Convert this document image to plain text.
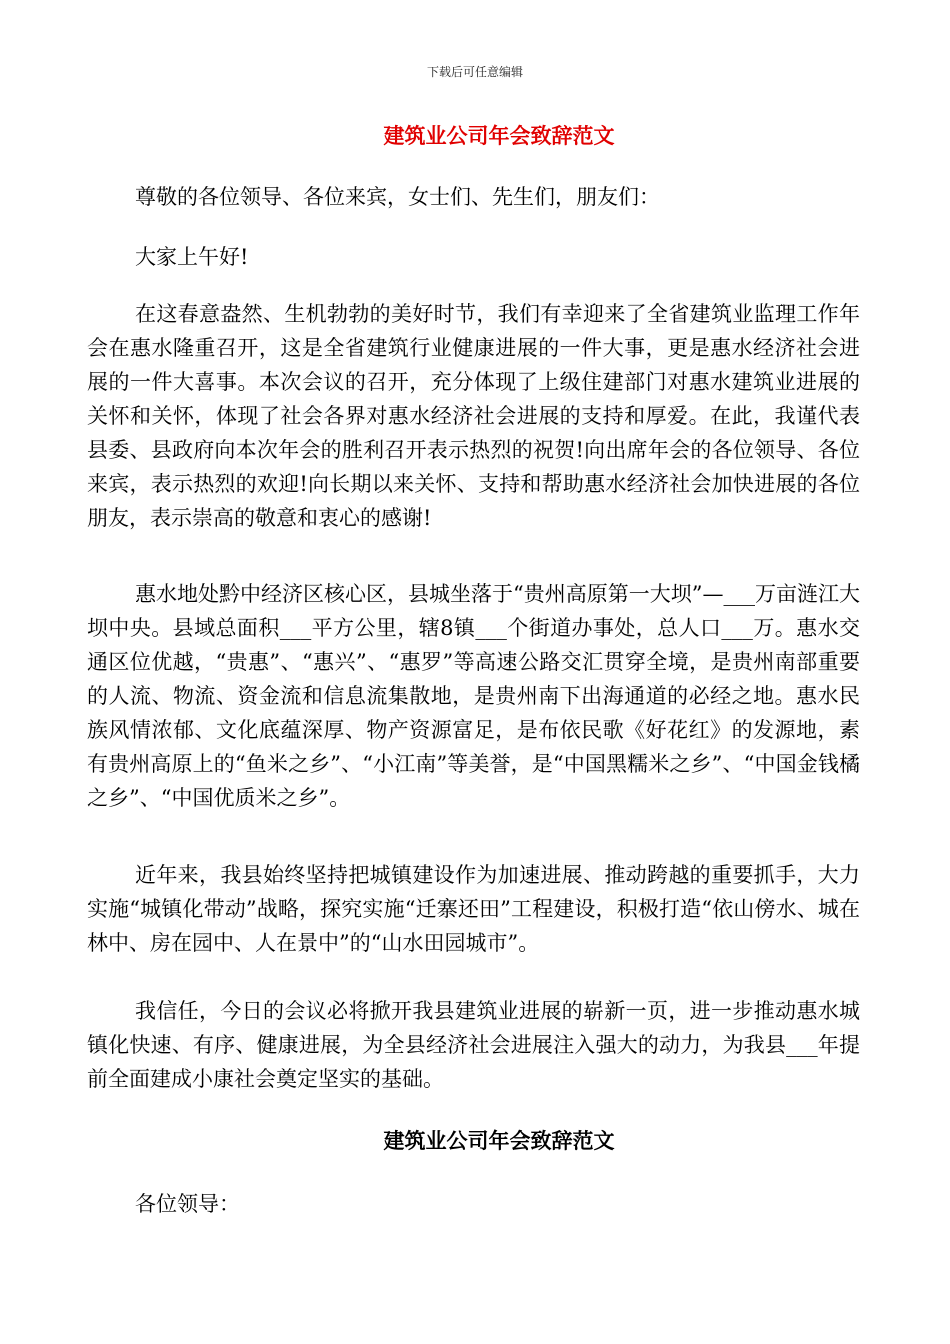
下载后可任意编辑
建筑业公司年会致辞范文

尊敬的各位领导、各位来宾，女士们、先生们，朋友们：

大家上午好!

在这春意盎然、生机勃勃的美好时节，我们有幸迎来了全省建筑业监理工作年会在惠水隆重召开，这是全省建筑行业健康进展的一件大事，更是惠水经济社会进展的一件大喜事。本次会议的召开，充分体现了上级住建部门对惠水建筑业进展的关怀和关怀，体现了社会各界对惠水经济社会进展的支持和厚爱。在此，我谨代表县委、县政府向本次年会的胜利召开表示热烈的祝贺!向出席年会的各位领导、各位来宾，表示热烈的欢迎!向长期以来关怀、支持和帮助惠水经济社会加快进展的各位朋友，表示崇高的敬意和衷心的感谢!

惠水地处黔中经济区核心区，县城坐落于“贵州高原第一大坝”—___万亩涟江大坝中央。县域总面积___平方公里，辖8镇___个街道办事处，总人口___万。惠水交通区位优越，“贵惠”、“惠兴”、“惠罗”等高速公路交汇贯穿全境，是贵州南部重要的人流、物流、资金流和信息流集散地，是贵州南下出海通道的必经之地。惠水民族风情浓郁、文化底蕴深厚、物产资源富足，是布依民歌《好花红》的发源地，素有贵州高原上的“鱼米之乡”、“小江南”等美誉，是“中国黑糯米之乡”、“中国金钱橘之乡”、“中国优质米之乡”。

近年来，我县始终坚持把城镇建设作为加速进展、推动跨越的重要抓手，大力实施“城镇化带动”战略，探究实施“迁寨还田”工程建设，积极打造“依山傍水、城在林中、房在园中、人在景中”的“山水田园城市”。

我信任，今日的会议必将掀开我县建筑业进展的崭新一页，进一步推动惠水城镇化快速、有序、健康进展，为全县经济社会进展注入强大的动力，为我县___年提前全面建成小康社会奠定坚实的基础。

建筑业公司年会致辞范文

各位领导：
